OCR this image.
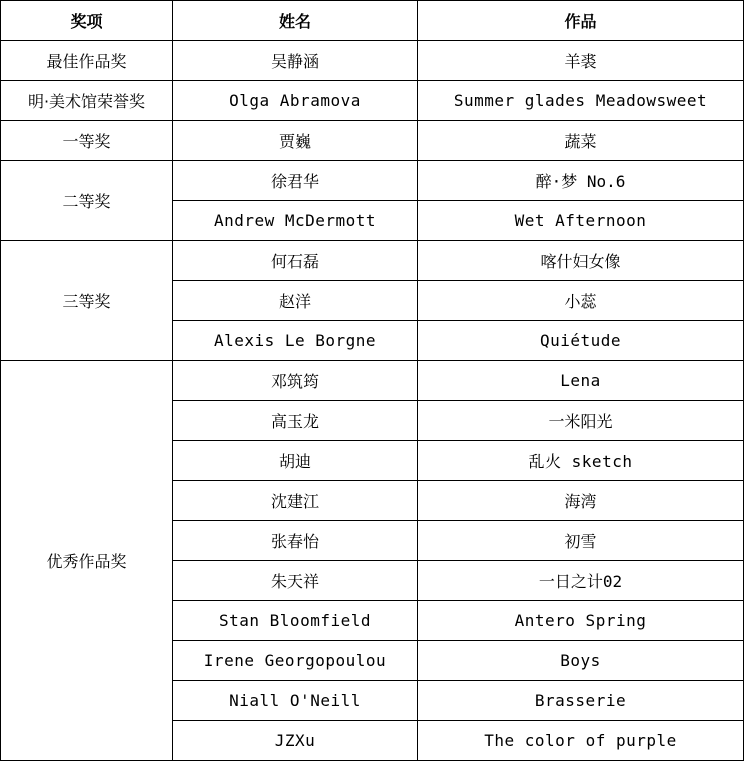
奖项	姓名	作品
最佳作品奖	吴静涵	羊裘
明·美术馆荣誉奖	Olga Abramova	Summer glades Meadowsweet
一等奖	贾巍	蔬菜
二等奖	徐君华	醉·梦 No.6
	Andrew McDermott	Wet Afternoon
三等奖	何石磊	喀什妇女像
	赵洋	小蕊
	Alexis Le Borgne	Quiétude
优秀作品奖	邓筑筠	Lena
	高玉龙	一米阳光
	胡迪	乱火 sketch
	沈建江	海湾
	张春怡	初雪
	朱天祥	一日之计02
	Stan Bloomfield	Antero Spring
	Irene Georgopoulou	Boys
	Niall O'Neill	Brasserie
	JZXu	The color of purple
